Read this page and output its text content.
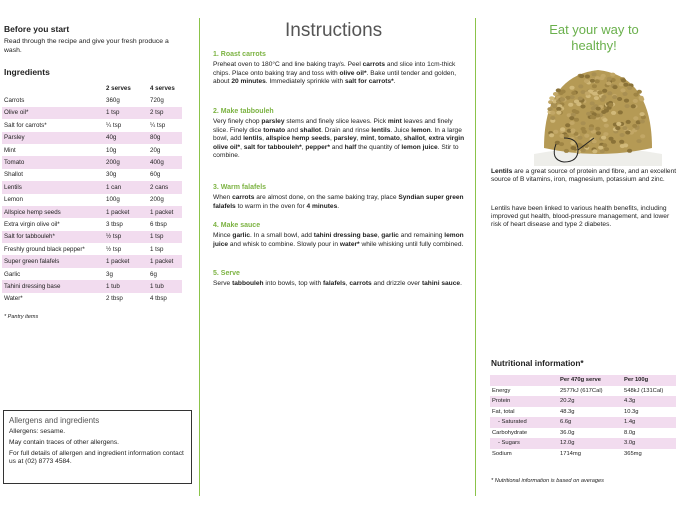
Before you start
Read through the recipe and give your fresh produce a wash.
Ingredients
	2 serves	4 serves
Carrots	360g	720g
Olive oil*	1 tsp	2 tsp
Salt for carrots*	¼ tsp	¼ tsp
Parsley	40g	80g
Mint	10g	20g
Tomato	200g	400g
Shallot	30g	60g
Lentils	1 can	2 cans
Lemon	100g	200g
Allspice hemp seeds	1 packet	1 packet
Extra virgin olive oil*	3 tbsp	6 tbsp
Salt for tabbouleh*	½ tsp	1 tsp
Freshly ground black pepper*	½ tsp	1 tsp
Super green falafels	1 packet	1 packet
Garlic	3g	6g
Tahini dressing base	1 tub	1 tub
Water*	2 tbsp	4 tbsp
* Pantry items
Allergens and ingredients

Allergens: sesame.

May contain traces of other allergens.

For full details of allergen and ingredient information contact us at (02) 8773 4584.

Instructions
1. Roast carrots
Preheat oven to 180°C and line baking tray/s. Peel carrots and slice into 1cm-thick chips. Place onto baking tray and toss with olive oil*. Bake until tender and golden, about 20 minutes. Immediately sprinkle with salt for carrots*.
2. Make tabbouleh
Very finely chop parsley stems and finely slice leaves. Pick mint leaves and finely slice. Finely dice tomato and shallot. Drain and rinse lentils. Juice lemon. In a large bowl, add lentils, allspice hemp seeds, parsley, mint, tomato, shallot, extra virgin olive oil*, salt for tabbouleh*, pepper* and half the quantity of lemon juice. Stir to combine.
3. Warm falafels
When carrots are almost done, on the same baking tray, place Syndian super green falafels to warm in the oven for 4 minutes.
4. Make sauce
Mince garlic. In a small bowl, add tahini dressing base, garlic and remaining lemon juice and whisk to combine. Slowly pour in water* while whisking until fully combined.
5. Serve
Serve tabbouleh into bowls, top with falafels, carrots and drizzle over tahini sauce.
Eat your way to healthy!
Lentils are a great source of protein and fibre, and an excellent source of B vitamins, iron, magnesium, potassium and zinc.
Lentils have been linked to various health benefits, including improved gut health, blood-pressure management, and lower risk of heart disease and type 2 diabetes.
Nutritional information*
	Per 470g serve	Per 100g
Energy	2577kJ (617Cal)	548kJ (131Cal)
Protein	20.2g	4.3g
Fat, total	48.3g	10.3g
- Saturated	6.6g	1.4g
Carbohydrate	36.0g	8.0g
- Sugars	12.0g	3.0g
Sodium	1714mg	365mg
* Nutritional information is based on averages
